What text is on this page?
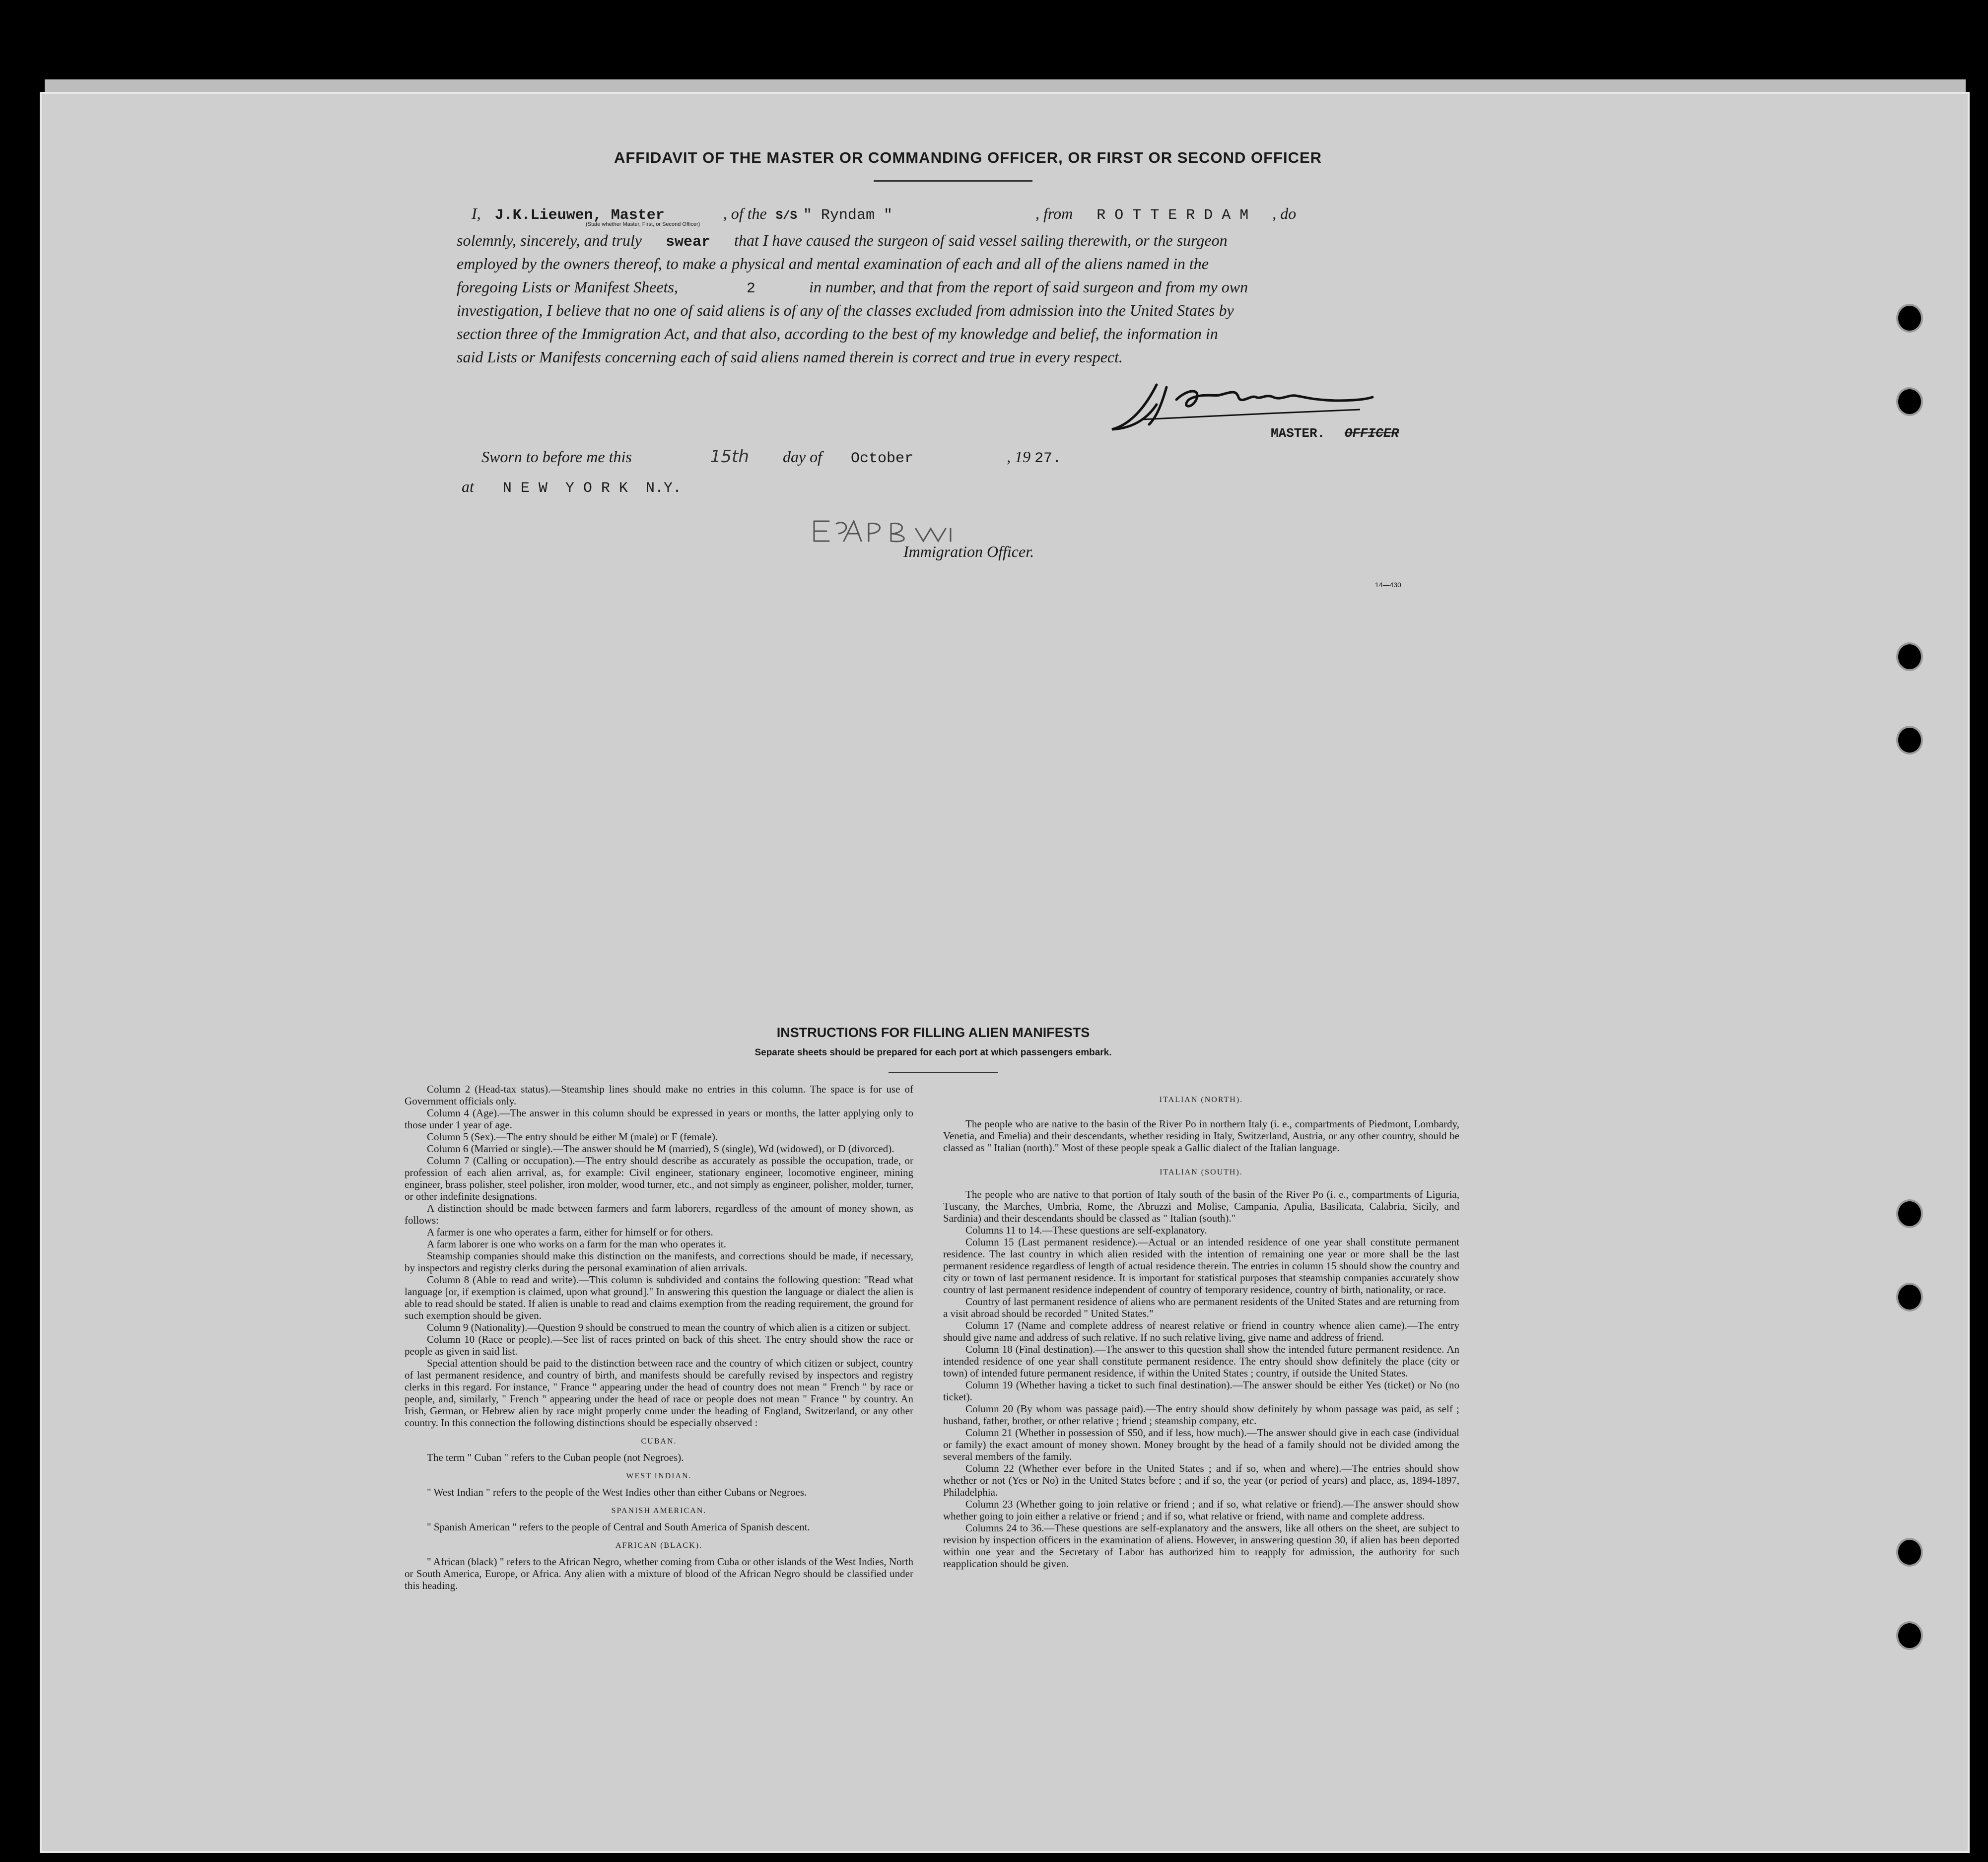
AFFIDAVIT OF THE MASTER OR COMMANDING OFFICER, OR FIRST OR SECOND OFFICER
I, J.K.Lieuwen, Master	, of the S/S " Ryndam "	, from R O T T E R D A M , do
(State whether Master, First, or Second Officer)
solemnly, sincerely, and truly swear that I have caused the surgeon of said vessel sailing therewith, or the surgeon
employed by the owners thereof, to make a physical and mental examination of each and all of the aliens named in the
foregoing Lists or Manifest Sheets,	2	in number, and that from the report of said surgeon and from my own
investigation, I believe that no one of said aliens is of any of the classes excluded from admission into the United States by
section three of the Immigration Act, and that also, according to the best of my knowledge and belief, the information in
said Lists or Manifests concerning each of said aliens named therein is correct and true in every respect.
MASTER. OFFICER
Sworn to before me this	15th day of October	, 19 27.
at N E W  Y O R K  N.Y.
Immigration Officer.
14—430
INSTRUCTIONS FOR FILLING ALIEN MANIFESTS
Separate sheets should be prepared for each port at which passengers embark.

Column 2 (Head-tax status).—Steamship lines should make no entries in this column. The space is for use of Government officials only.

Column 4 (Age).—The answer in this column should be expressed in years or months, the latter applying only to those under 1 year of age.

Column 5 (Sex).—The entry should be either M (male) or F (female).

Column 6 (Married or single).—The answer should be M (married), S (single), Wd (widowed), or D (divorced).

Column 7 (Calling or occupation).—The entry should describe as accurately as possible the occupation, trade, or profession of each alien arrival, as, for example: Civil engineer, stationary engineer, locomotive engineer, mining engineer, brass polisher, steel polisher, iron molder, wood turner, etc., and not simply as engineer, polisher, molder, turner, or other indefinite designations.

A distinction should be made between farmers and farm laborers, regardless of the amount of money shown, as follows:

A farmer is one who operates a farm, either for himself or for others.

A farm laborer is one who works on a farm for the man who operates it.

Steamship companies should make this distinction on the manifests, and corrections should be made, if necessary, by inspectors and registry clerks during the personal examination of alien arrivals.

Column 8 (Able to read and write).—This column is subdivided and contains the following question: "Read what language [or, if exemption is claimed, upon what ground]." In answering this question the language or dialect the alien is able to read should be stated. If alien is unable to read and claims exemption from the reading requirement, the ground for such exemption should be given.

Column 9 (Nationality).—Question 9 should be construed to mean the country of which alien is a citizen or subject.

Column 10 (Race or people).—See list of races printed on back of this sheet. The entry should show the race or people as given in said list.

Special attention should be paid to the distinction between race and the country of which citizen or subject, country of last permanent residence, and country of birth, and manifests should be carefully revised by inspectors and registry clerks in this regard. For instance, " France " appearing under the head of country does not mean " French " by race or people, and, similarly, " French " appearing under the head of race or people does not mean " France " by country. An Irish, German, or Hebrew alien by race might properly come under the heading of England, Switzerland, or any other country. In this connection the following distinctions should be especially observed :

CUBAN.

The term " Cuban " refers to the Cuban people (not Negroes).

WEST INDIAN.

" West Indian " refers to the people of the West Indies other than either Cubans or Negroes.

SPANISH AMERICAN.

" Spanish American " refers to the people of Central and South America of Spanish descent.

AFRICAN (BLACK).

" African (black) " refers to the African Negro, whether coming from Cuba or other islands of the West Indies, North or South America, Europe, or Africa. Any alien with a mixture of blood of the African Negro should be classified under this heading.

ITALIAN (NORTH).

The people who are native to the basin of the River Po in northern Italy (i. e., compartments of Piedmont, Lombardy, Venetia, and Emelia) and their descendants, whether residing in Italy, Switzerland, Austria, or any other country, should be classed as " Italian (north)." Most of these people speak a Gallic dialect of the Italian language.

ITALIAN (SOUTH).

The people who are native to that portion of Italy south of the basin of the River Po (i. e., compartments of Liguria, Tuscany, the Marches, Umbria, Rome, the Abruzzi and Molise, Campania, Apulia, Basilicata, Calabria, Sicily, and Sardinia) and their descendants should be classed as " Italian (south)."

Columns 11 to 14.—These questions are self-explanatory.

Column 15 (Last permanent residence).—Actual or an intended residence of one year shall constitute permanent residence. The last country in which alien resided with the intention of remaining one year or more shall be the last permanent residence regardless of length of actual residence therein. The entries in column 15 should show the country and city or town of last permanent residence. It is important for statistical purposes that steamship companies accurately show country of last permanent residence independent of country of temporary residence, country of birth, nationality, or race.

Country of last permanent residence of aliens who are permanent residents of the United States and are returning from a visit abroad should be recorded " United States."

Column 17 (Name and complete address of nearest relative or friend in country whence alien came).—The entry should give name and address of such relative. If no such relative living, give name and address of friend.

Column 18 (Final destination).—The answer to this question shall show the intended future permanent residence. An intended residence of one year shall constitute permanent residence. The entry should show definitely the place (city or town) of intended future permanent residence, if within the United States ; country, if outside the United States.

Column 19 (Whether having a ticket to such final destination).—The answer should be either Yes (ticket) or No (no ticket).

Column 20 (By whom was passage paid).—The entry should show definitely by whom passage was paid, as self ; husband, father, brother, or other relative ; friend ; steamship company, etc.

Column 21 (Whether in possession of $50, and if less, how much).—The answer should give in each case (individual or family) the exact amount of money shown. Money brought by the head of a family should not be divided among the several members of the family.

Column 22 (Whether ever before in the United States ; and if so, when and where).—The entries should show whether or not (Yes or No) in the United States before ; and if so, the year (or period of years) and place, as, 1894-1897, Philadelphia.

Column 23 (Whether going to join relative or friend ; and if so, what relative or friend).—The answer should show whether going to join either a relative or friend ; and if so, what relative or friend, with name and complete address.

Columns 24 to 36.—These questions are self-explanatory and the answers, like all others on the sheet, are subject to revision by inspection officers in the examination of aliens. However, in answering question 30, if alien has been deported within one year and the Secretary of Labor has authorized him to reapply for admission, the authority for such reapplication should be given.
